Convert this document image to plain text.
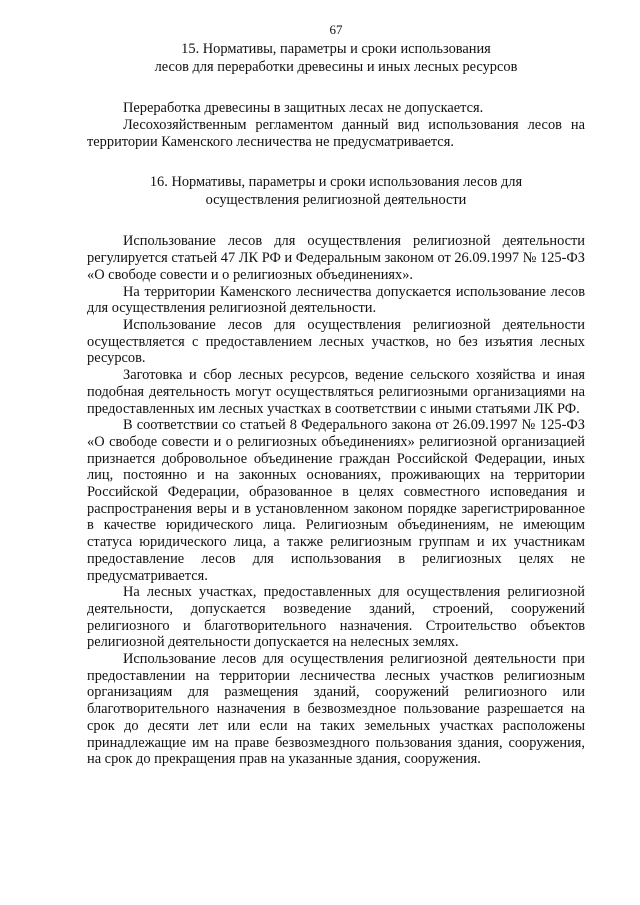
67
15. Нормативы, параметры и сроки использования
лесов для переработки древесины и иных лесных ресурсов

Переработка древесины в защитных лесах не допускается.

Лесохозяйственным регламентом данный вид использования лесов на территории Каменского лесничества не предусматривается.

16. Нормативы, параметры и сроки использования лесов для
осуществления религиозной деятельности

Использование лесов для осуществления религиозной деятельности регулируется статьей 47 ЛК РФ и Федеральным законом от 26.09.1997 № 125-ФЗ «О свободе совести и о религиозных объединениях».

На территории Каменского лесничества допускается использование лесов для осуществления религиозной деятельности.

Использование лесов для осуществления религиозной деятельности осуществляется с предоставлением лесных участков, но без изъятия лесных ресурсов.

Заготовка и сбор лесных ресурсов, ведение сельского хозяйства и иная подобная деятельность могут осуществляться религиозными организациями на предоставленных им лесных участках в соответствии с иными статьями ЛК РФ.

В соответствии со статьей 8 Федерального закона от 26.09.1997 № 125-ФЗ «О свободе совести и о религиозных объединениях» религиозной организацией признается добровольное объединение граждан Российской Федерации, иных лиц, постоянно и на законных основаниях, проживающих на территории Российской Федерации, образованное в целях совместного исповедания и распространения веры и в установленном законом порядке зарегистрированное в качестве юридического лица. Религиозным объединениям, не имеющим статуса юридического лица, а также религиозным группам и их участникам предоставление лесов для использования в религиозных целях не предусматривается.

На лесных участках, предоставленных для осуществления религиозной деятельности, допускается возведение зданий, строений, сооружений религиозного и благотворительного назначения. Строительство объектов религиозной деятельности допускается на нелесных землях.

Использование лесов для осуществления религиозной деятельности при предоставлении на территории лесничества лесных участков религиозным организациям для размещения зданий, сооружений религиозного или благотворительного назначения в безвозмездное пользование разрешается на срок до десяти лет или если на таких земельных участках расположены принадлежащие им на праве безвозмездного пользования здания, сооружения, на срок до прекращения прав на указанные здания, сооружения.
